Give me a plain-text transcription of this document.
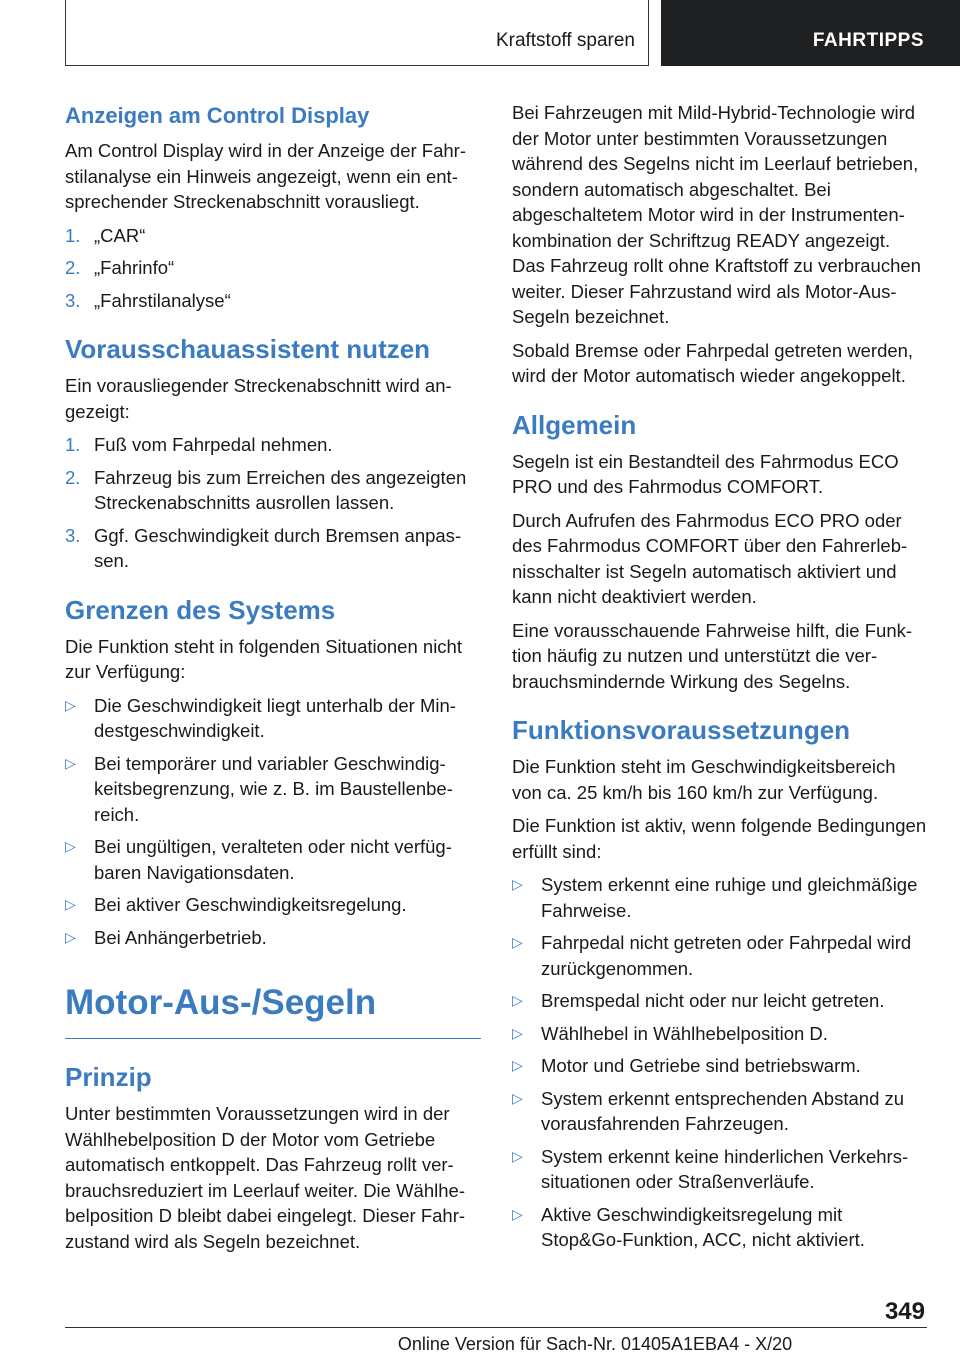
Kraftstoff sparen	FAHRTIPPS
Anzeigen am Control Display

Am Control Display wird in der Anzeige der Fahrstilanalyse ein Hinweis angezeigt, wenn ein entsprechender Streckenabschnitt vorausliegt.

1. „CAR“
2. „Fahrinfo“
3. „Fahrstilanalyse“
Vorausschauassistent nutzen

Ein vorausliegender Streckenabschnitt wird angezeigt:

1. Fuß vom Fahrpedal nehmen.
2. Fahrzeug bis zum Erreichen des angezeigten Streckenabschnitts ausrollen lassen.
3. Ggf. Geschwindigkeit durch Bremsen anpassen.
Grenzen des Systems

Die Funktion steht in folgenden Situationen nicht zur Verfügung:

▷ Die Geschwindigkeit liegt unterhalb der Mindestgeschwindigkeit.
▷ Bei temporärer und variabler Geschwindigkeitsbegrenzung, wie z. B. im Baustellenbereich.
▷ Bei ungültigen, veralteten oder nicht verfügbaren Navigationsdaten.
▷ Bei aktiver Geschwindigkeitsregelung.
▷ Bei Anhängerbetrieb.
Motor-Aus-/Segeln
Prinzip

Unter bestimmten Voraussetzungen wird in der Wählhebelposition D der Motor vom Getriebe automatisch entkoppelt. Das Fahrzeug rollt verbrauchsreduziert im Leerlauf weiter. Die Wählhebelposition D bleibt dabei eingelegt. Dieser Fahrzustand wird als Segeln bezeichnet.

Bei Fahrzeugen mit Mild-Hybrid-Technologie wird der Motor unter bestimmten Voraussetzungen während des Segelns nicht im Leerlauf betrieben, sondern automatisch abgeschaltet. Bei abgeschaltetem Motor wird in der Instrumentenkombination der Schriftzug READY angezeigt. Das Fahrzeug rollt ohne Kraftstoff zu verbrauchen weiter. Dieser Fahrzustand wird als Motor-Aus-Segeln bezeichnet.

Sobald Bremse oder Fahrpedal getreten werden, wird der Motor automatisch wieder angekoppelt.

Allgemein

Segeln ist ein Bestandteil des Fahrmodus ECO PRO und des Fahrmodus COMFORT.

Durch Aufrufen des Fahrmodus ECO PRO oder des Fahrmodus COMFORT über den Fahrerlebnisschalter ist Segeln automatisch aktiviert und kann nicht deaktiviert werden.

Eine vorausschauende Fahrweise hilft, die Funktion häufig zu nutzen und unterstützt die verbrauchsmindernde Wirkung des Segelns.

Funktionsvoraussetzungen

Die Funktion steht im Geschwindigkeitsbereich von ca. 25 km/h bis 160 km/h zur Verfügung.

Die Funktion ist aktiv, wenn folgende Bedingungen erfüllt sind:

▷ System erkennt eine ruhige und gleichmäßige Fahrweise.
▷ Fahrpedal nicht getreten oder Fahrpedal wird zurückgenommen.
▷ Bremspedal nicht oder nur leicht getreten.
▷ Wählhebel in Wählhebelposition D.
▷ Motor und Getriebe sind betriebswarm.
▷ System erkennt entsprechenden Abstand zu vorausfahrenden Fahrzeugen.
▷ System erkennt keine hinderlichen Verkehrssituationen oder Straßenverläufe.
▷ Aktive Geschwindigkeitsregelung mit Stop&Go-Funktion, ACC, nicht aktiviert.
349
Online Version für Sach-Nr. 01405A1EBA4 - X/20
